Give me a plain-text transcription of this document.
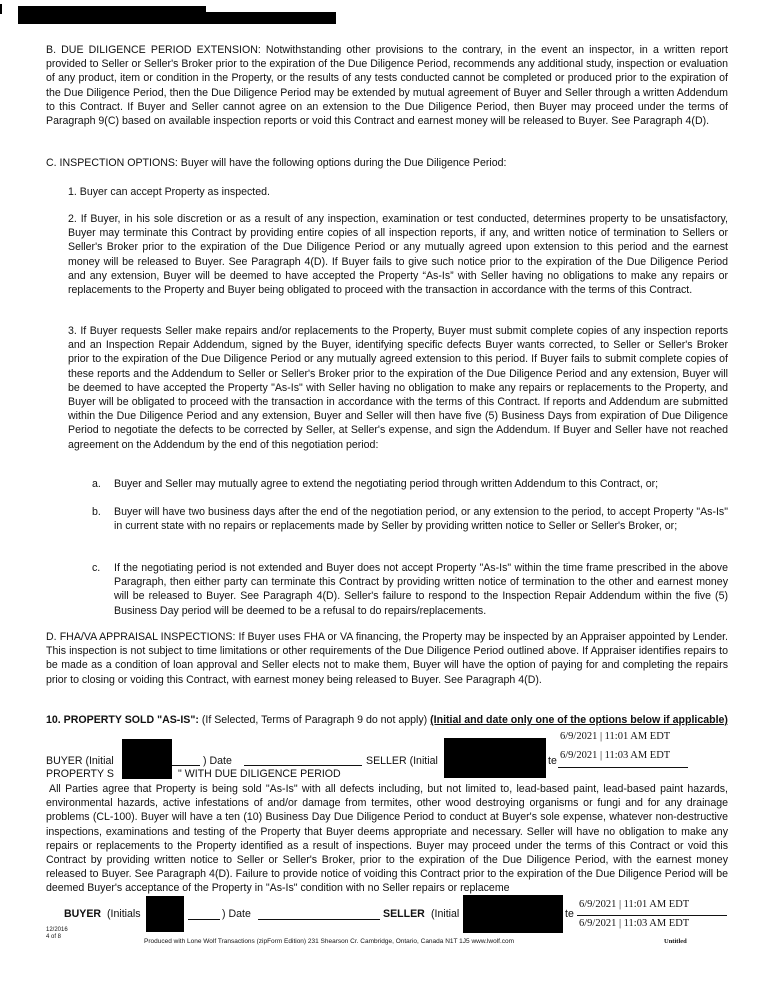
B. DUE DILIGENCE PERIOD EXTENSION: Notwithstanding other provisions to the contrary, in the event an inspector, in a written report provided to Seller or Seller's Broker prior to the expiration of the Due Diligence Period, recommends any additional study, inspection or evaluation of any product, item or condition in the Property, or the results of any tests conducted cannot be completed or produced prior to the expiration of the Due Diligence Period, then the Due Diligence Period may be extended by mutual agreement of Buyer and Seller through a written Addendum to this Contract. If Buyer and Seller cannot agree on an extension to the Due Diligence Period, then Buyer may proceed under the terms of Paragraph 9(C) based on available inspection reports or void this Contract and earnest money will be released to Buyer. See Paragraph 4(D).

C. INSPECTION OPTIONS: Buyer will have the following options during the Due Diligence Period:

1. Buyer can accept Property as inspected.

2. If Buyer, in his sole discretion or as a result of any inspection, examination or test conducted, determines property to be unsatisfactory, Buyer may terminate this Contract by providing entire copies of all inspection reports, if any, and written notice of termination to Sellers or Seller's Broker prior to the expiration of the Due Diligence Period or any mutually agreed upon extension to this period and the earnest money will be released to Buyer. See Paragraph 4(D). If Buyer fails to give such notice prior to the expiration of the Due Diligence Period and any extension, Buyer will be deemed to have accepted the Property “As-Is” with Seller having no obligations to make any repairs or replacements to the Property and Buyer being obligated to proceed with the transaction in accordance with the terms of this Contract.

3. If Buyer requests Seller make repairs and/or replacements to the Property, Buyer must submit complete copies of any inspection reports and an Inspection Repair Addendum, signed by the Buyer, identifying specific defects Buyer wants corrected, to Seller or Seller's Broker prior to the expiration of the Due Diligence Period or any mutually agreed extension to this period. If Buyer fails to submit complete copies of these reports and the Addendum to Seller or Seller's Broker prior to the expiration of the Due Diligence Period and any extension, Buyer will be deemed to have accepted the Property "As-Is" with Seller having no obligation to make any repairs or replacements to the Property, and Buyer will be obligated to proceed with the transaction in accordance with the terms of this Contract. If reports and Addendum are submitted within the Due Diligence Period and any extension, Buyer and Seller will then have five (5) Business Days from expiration of Due Diligence Period to negotiate the defects to be corrected by Seller, at Seller's expense, and sign the Addendum. If Buyer and Seller have not reached agreement on the Addendum by the end of this negotiation period:

a. Buyer and Seller may mutually agree to extend the negotiating period through written Addendum to this Contract, or;

b. Buyer will have two business days after the end of the negotiation period, or any extension to the period, to accept Property "As-Is" in current state with no repairs or replacements made by Seller by providing written notice to Seller or Seller's Broker, or;

c. If the negotiating period is not extended and Buyer does not accept Property "As-Is" within the time frame prescribed in the above Paragraph, then either party can terminate this Contract by providing written notice of termination to the other and earnest money will be released to Buyer. See Paragraph 4(D). Seller's failure to respond to the Inspection Repair Addendum within the five (5) Business Day period will be deemed to be a refusal to do repairs/replacements.

D. FHA/VA APPRAISAL INSPECTIONS: If Buyer uses FHA or VA financing, the Property may be inspected by an Appraiser appointed by Lender. This inspection is not subject to time limitations or other requirements of the Due Diligence Period outlined above. If Appraiser identifies repairs to be made as a condition of loan approval and Seller elects not to make them, Buyer will have the option of paying for and completing the repairs prior to closing or voiding this Contract, with earnest money being released to Buyer. See Paragraph 4(D).

10. PROPERTY SOLD "AS-IS": (If Selected, Terms of Paragraph 9 do not apply) (Initial and date only one of the options below if applicable)

6/9/2021 | 11:01 AM EDT
BUYER (Initial	) Date	SELLER (Initial	te 6/9/2021 | 11:03 AM EDT
PROPERTY S	" WITH DUE DILIGENCE PERIOD

All Parties agree that Property is being sold "As-Is" with all defects including, but not limited to, lead-based paint, lead-based paint hazards, environmental hazards, active infestations of and/or damage from termites, other wood destroying organisms or fungi and for any drainage problems (CL-100). Buyer will have a ten (10) Business Day Due Diligence Period to conduct at Buyer's sole expense, whatever non-destructive inspections, examinations and testing of the Property that Buyer deems appropriate and necessary. Seller will have no obligation to make any repairs or replacements to the Property identified as a result of inspections. Buyer may proceed under the terms of this Contract or void this Contract by providing written notice to Seller or Seller's Broker, prior to the expiration of the Due Diligence Period, with the earnest money released to Buyer. See Paragraph 4(D). Failure to provide notice of voiding this Contract prior to the expiration of the Due Diligence Period will be deemed Buyer's acceptance of the Property in "As-Is" condition with no Seller repairs or replaceme

BUYER (Initials	) Date	SELLER (Initial	te
6/9/2021 | 11:01 AM EDT
6/9/2021 | 11:03 AM EDT
12/2016
4 of 8
Produced with Lone Wolf Transactions (zipForm Edition) 231 Shearson Cr. Cambridge, Ontario, Canada N1T 1J5 www.lwolf.com	Untitled
